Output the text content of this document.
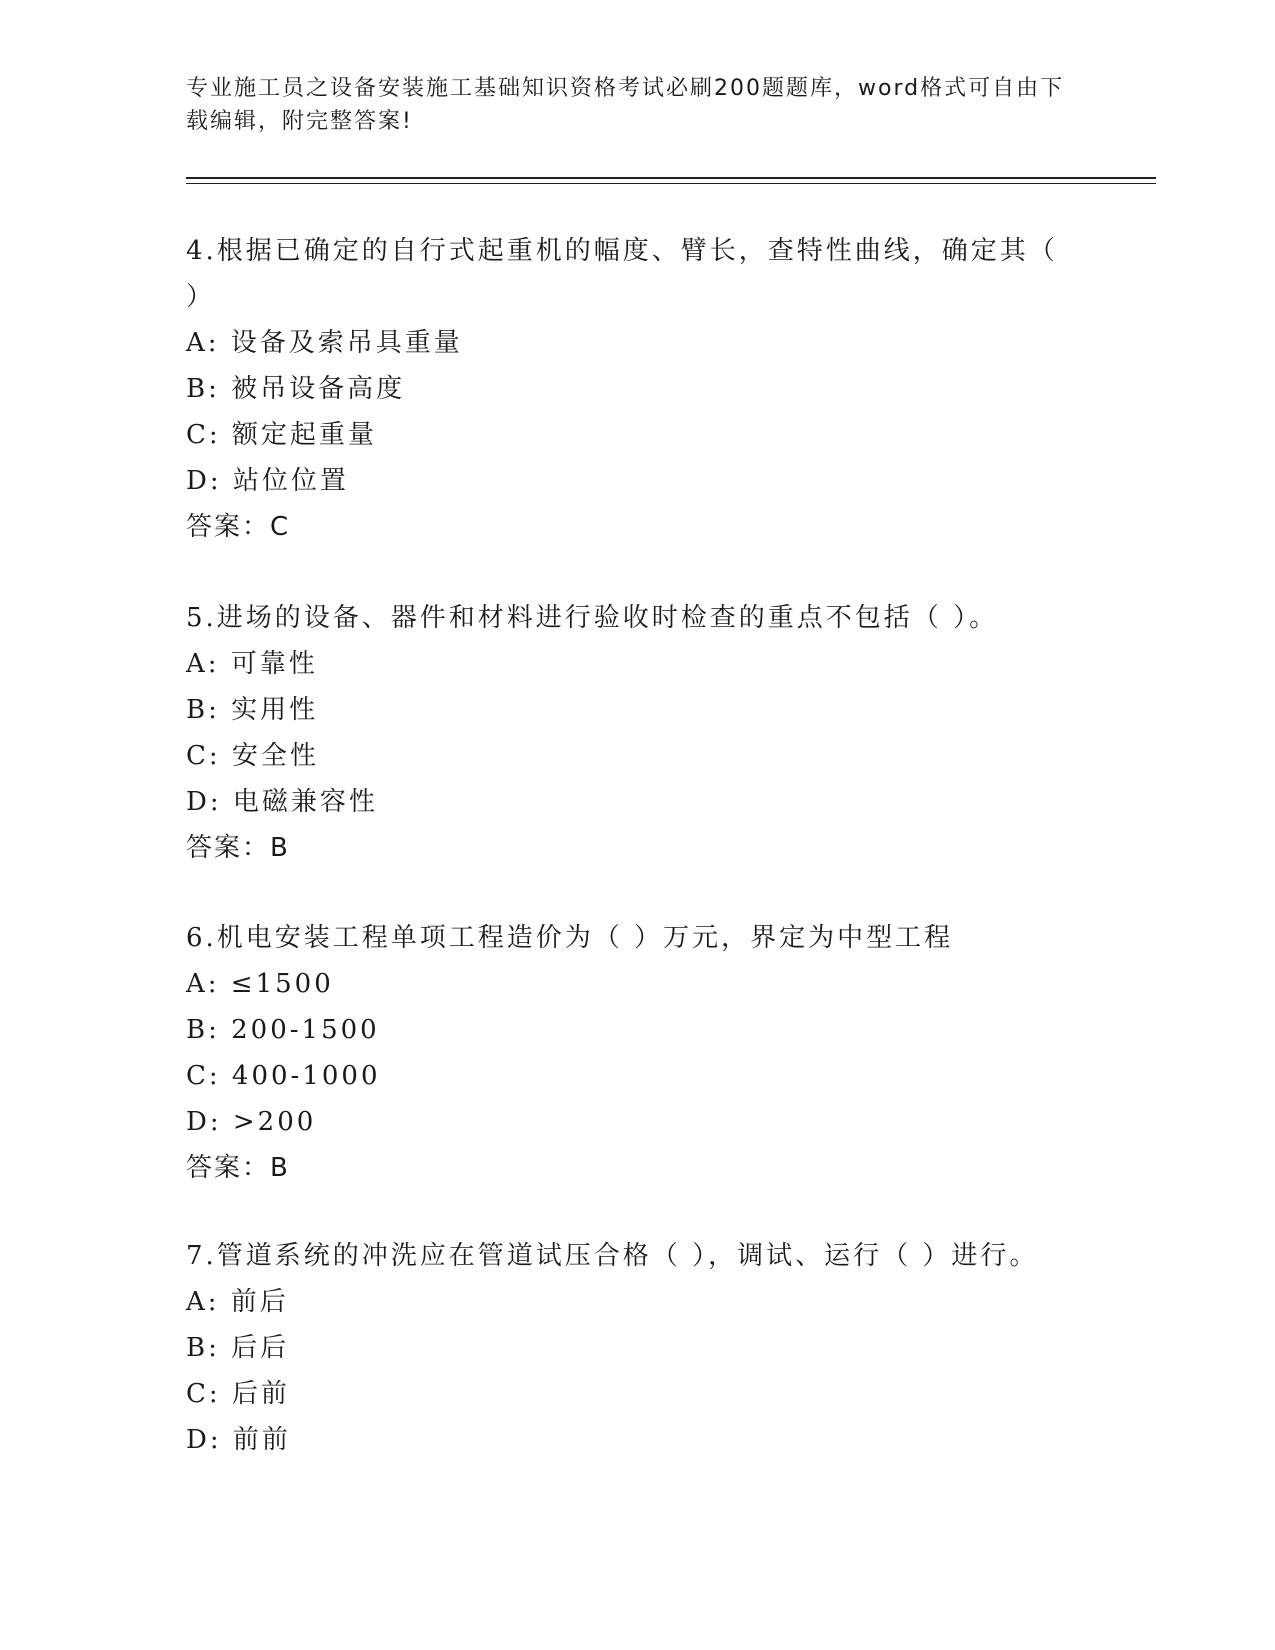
专业施工员之设备安装施工基础知识资格考试必刷200题题库，word格式可自由下载编辑，附完整答案!
4.根据已确定的自行式起重机的幅度、臂长，查特性曲线，确定其（ ）
A: 设备及索吊具重量
B: 被吊设备高度
C: 额定起重量
D: 站位位置
答案：C
5.进场的设备、器件和材料进行验收时检查的重点不包括（ ）。
A: 可靠性
B: 实用性
C: 安全性
D: 电磁兼容性
答案：B
6.机电安装工程单项工程造价为（ ）万元，界定为中型工程
A: ≤1500
B: 200-1500
C: 400-1000
D: >200
答案：B
7.管道系统的冲洗应在管道试压合格（ ），调试、运行（ ）进行。
A: 前后
B: 后后
C: 后前
D: 前前
